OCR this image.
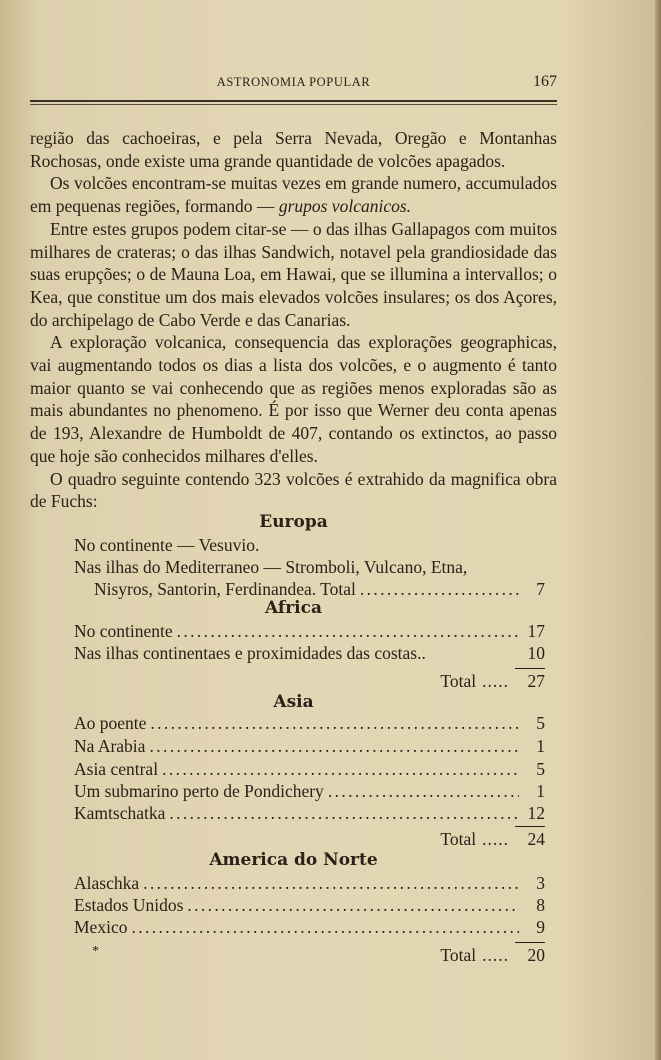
ASTRONOMIA POPULAR	167

região das cachoeiras, e pela Serra Nevada, Oregão e Montanhas Rochosas, onde existe uma grande quantidade de volcões apagados.

Os volcões encontram-se muitas vezes em grande numero, accumulados em pequenas regiões, formando — grupos volcanicos.

Entre estes grupos podem citar-se — o das ilhas Gallapagos com muitos milhares de crateras; o das ilhas Sandwich, notavel pela grandiosidade das suas erupções; o de Mauna Loa, em Hawai, que se illumina a intervallos; o Kea, que constitue um dos mais elevados volcões insulares; os dos Açores, do archipelago de Cabo Verde e das Canarias.

A exploração volcanica, consequencia das explorações geographicas, vai augmentando todos os dias a lista dos volcões, e o augmento é tanto maior quanto se vai conhecendo que as regiões menos exploradas são as mais abundantes no phenomeno. É por isso que Werner deu conta apenas de 193, Alexandre de Humboldt de 407, contando os extinctos, ao passo que hoje são conhecidos milhares d'elles.

O quadro seguinte contendo 323 volcões é extrahido da magnifica obra de Fuchs:

Europa
No continente — Vesuvio.
Nas ilhas do Mediterraneo — Stromboli, Vulcano, Etna,
Nisyros, Santorin, Ferdinandea. Total . . .	7
Africa
No continente . . .	17
Nas ilhas continentaes e proximidades das costas..	10
Total .....	27
Asia
Ao poente . . .	5
Na Arabia . . .	1
Asia central . . .	5
Um submarino perto de Pondichery . . .	1
Kamtschatka . . .	12
Total .....	24
America do Norte
Alaschka . . .	3
Estados Unidos . . .	8
Mexico . . .	9
Total .....	20
*
